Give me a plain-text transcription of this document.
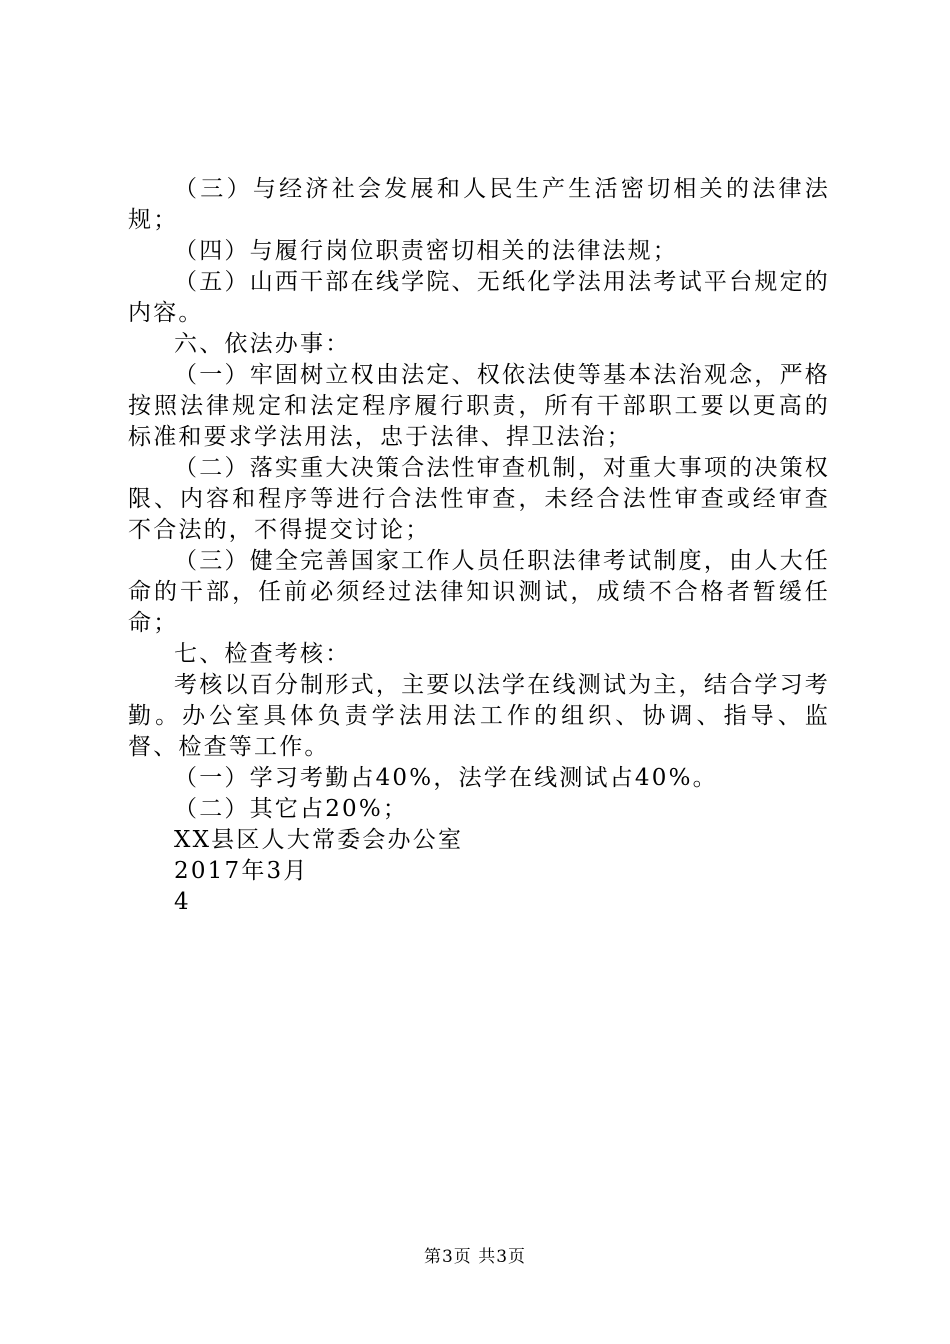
（三）与经济社会发展和人民生产生活密切相关的法律法规；

（四）与履行岗位职责密切相关的法律法规；

（五）山西干部在线学院、无纸化学法用法考试平台规定的内容。

六、依法办事：

（一）牢固树立权由法定、权依法使等基本法治观念，严格按照法律规定和法定程序履行职责，所有干部职工要以更高的标准和要求学法用法，忠于法律、捍卫法治；

（二）落实重大决策合法性审查机制，对重大事项的决策权限、内容和程序等进行合法性审查，未经合法性审查或经审查不合法的，不得提交讨论；

（三）健全完善国家工作人员任职法律考试制度，由人大任命的干部，任前必须经过法律知识测试，成绩不合格者暂缓任命；

七、检查考核：

考核以百分制形式，主要以法学在线测试为主，结合学习考勤。办公室具体负责学法用法工作的组织、协调、指导、监督、检查等工作。

（一）学习考勤占40%，法学在线测试占40%。

（二）其它占20%；

XX县区人大常委会办公室

2017年3月

4

第3页 共3页
